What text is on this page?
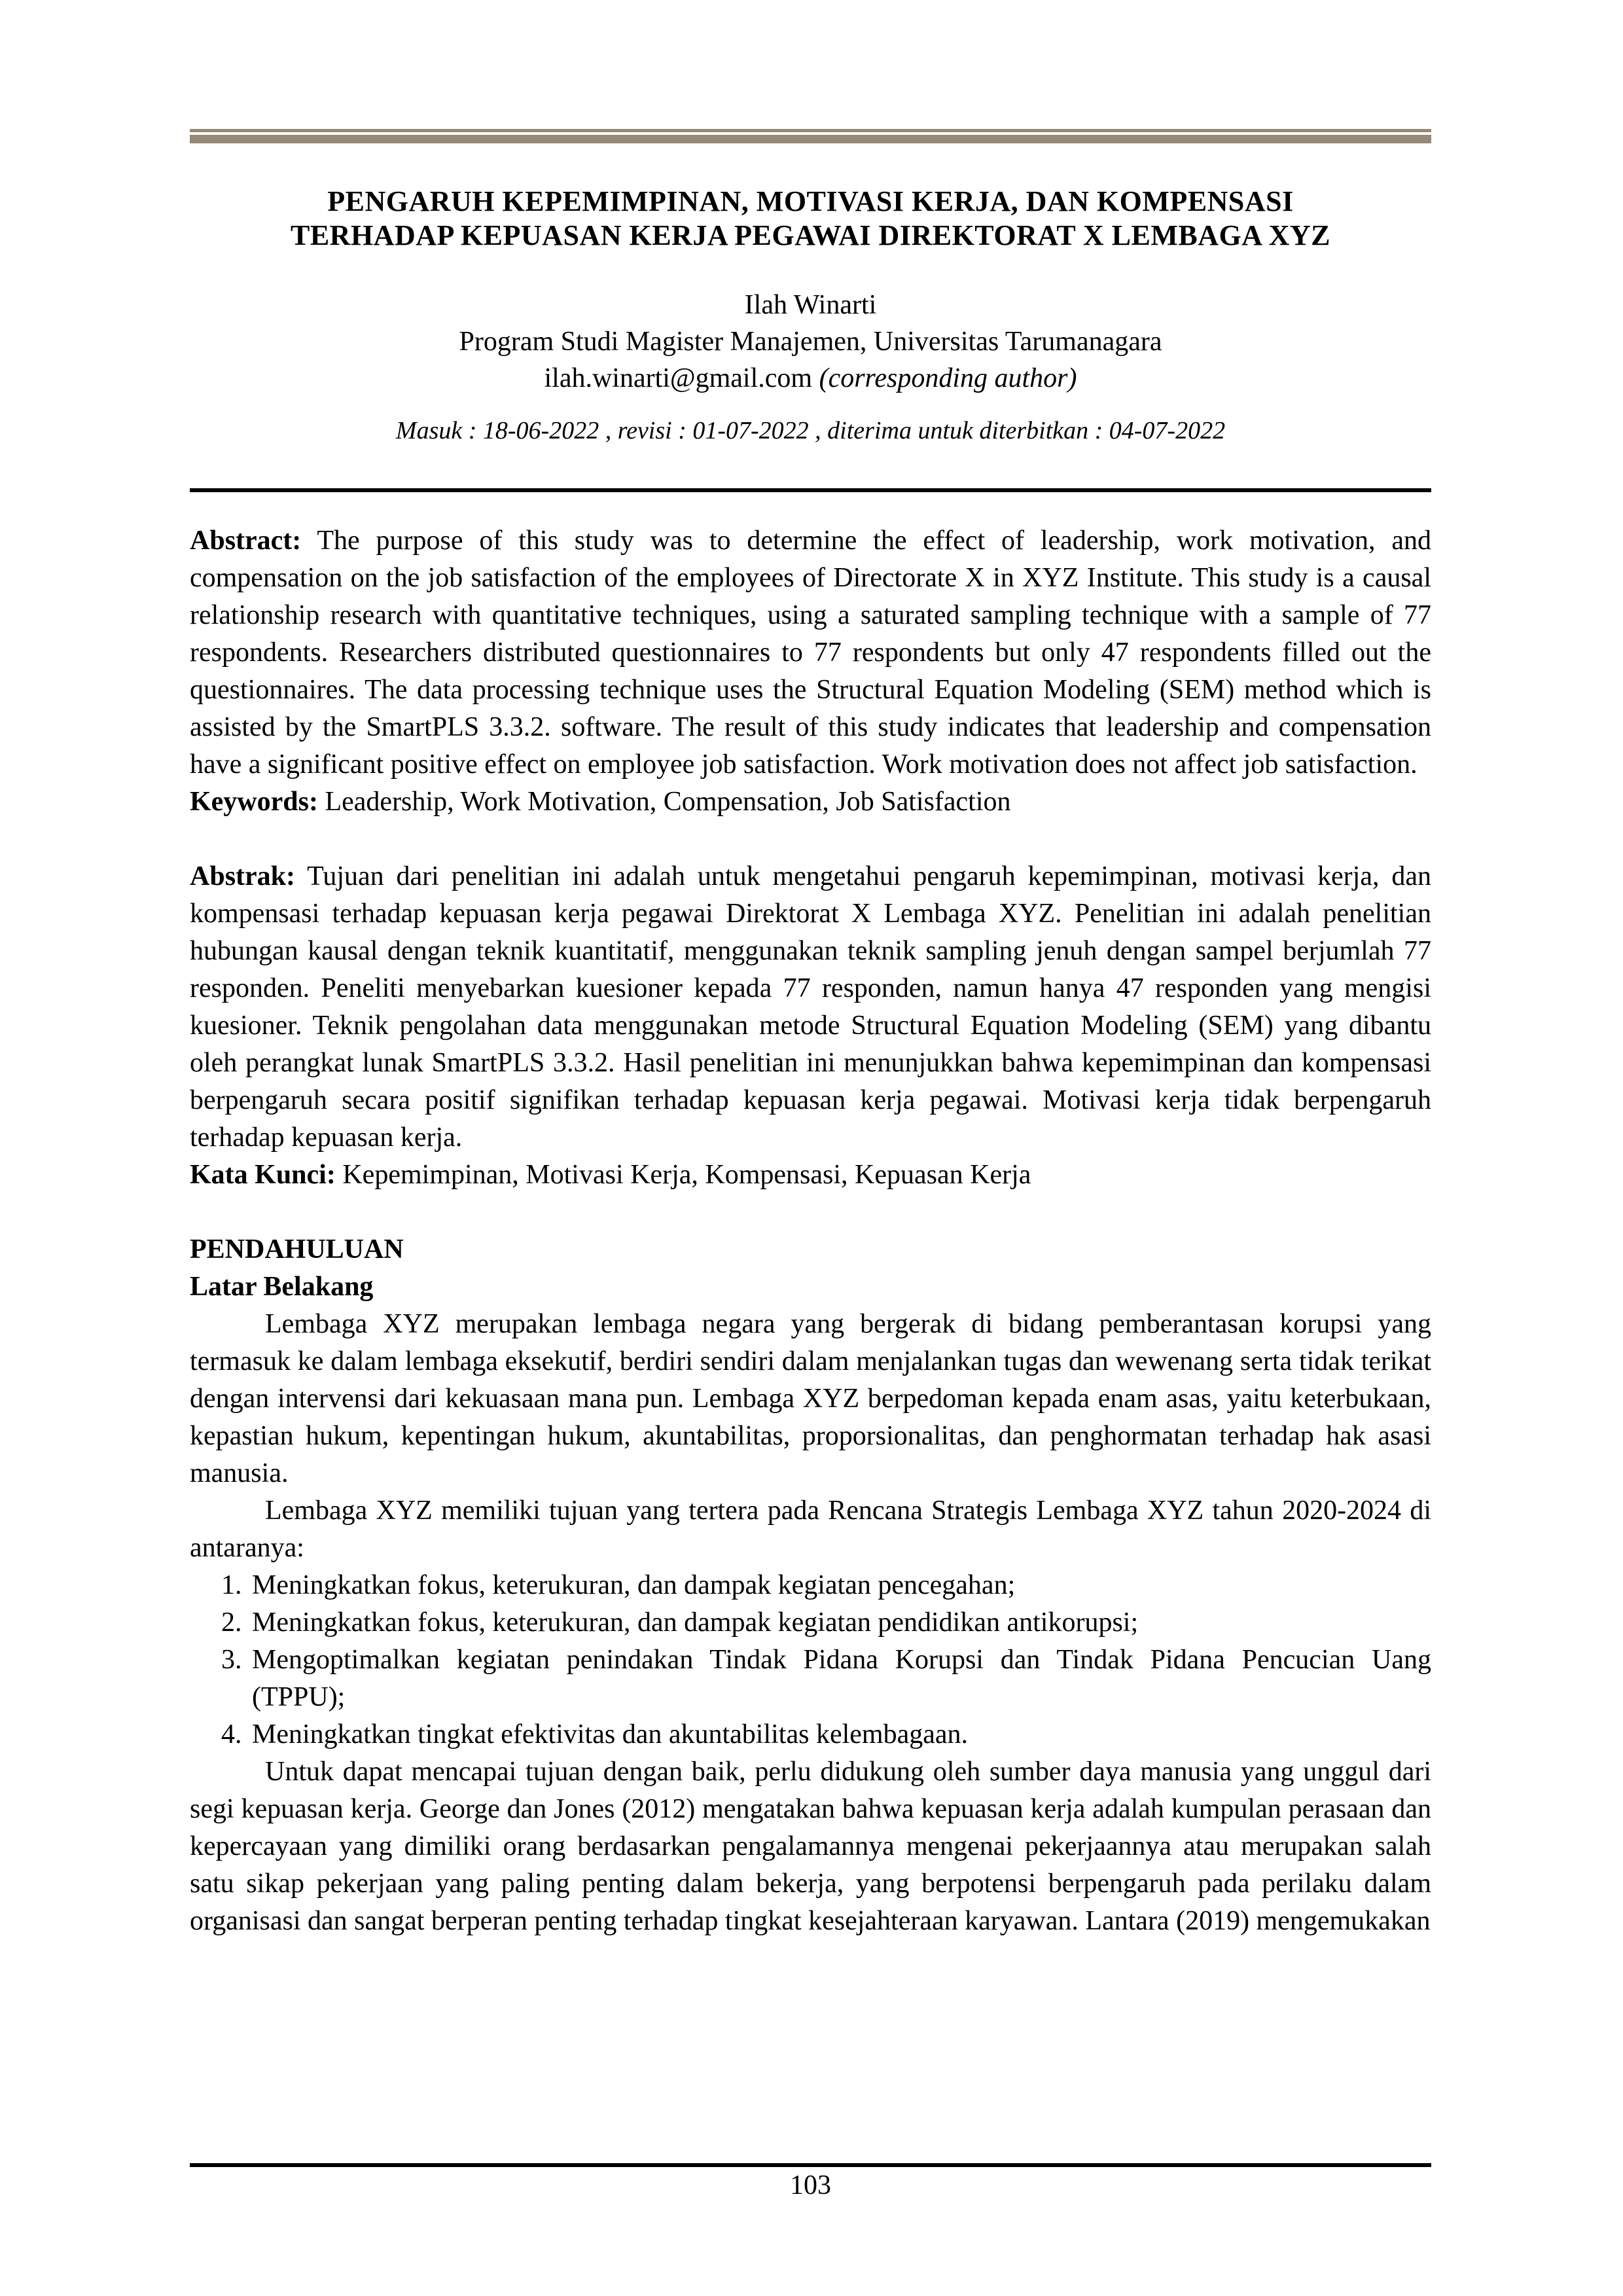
PENGARUH KEPEMIMPINAN, MOTIVASI KERJA, DAN KOMPENSASI
TERHADAP KEPUASAN KERJA PEGAWAI DIREKTORAT X LEMBAGA XYZ
Ilah Winarti
Program Studi Magister Manajemen, Universitas Tarumanagara
ilah.winarti@gmail.com (corresponding author)
Masuk : 18-06-2022 , revisi : 01-07-2022 , diterima untuk diterbitkan : 04-07-2022

Abstract: The purpose of this study was to determine the effect of leadership, work motivation, and compensation on the job satisfaction of the employees of Directorate X in XYZ Institute. This study is a causal relationship research with quantitative techniques, using a saturated sampling technique with a sample of 77 respondents. Researchers distributed questionnaires to 77 respondents but only 47 respondents filled out the questionnaires. The data processing technique uses the Structural Equation Modeling (SEM) method which is assisted by the SmartPLS 3.3.2. software. The result of this study indicates that leadership and compensation have a significant positive effect on employee job satisfaction. Work motivation does not affect job satisfaction.

Keywords: Leadership, Work Motivation, Compensation, Job Satisfaction

Abstrak: Tujuan dari penelitian ini adalah untuk mengetahui pengaruh kepemimpinan, motivasi kerja, dan kompensasi terhadap kepuasan kerja pegawai Direktorat X Lembaga XYZ. Penelitian ini adalah penelitian hubungan kausal dengan teknik kuantitatif, menggunakan teknik sampling jenuh dengan sampel berjumlah 77 responden. Peneliti menyebarkan kuesioner kepada 77 responden, namun hanya 47 responden yang mengisi kuesioner. Teknik pengolahan data menggunakan metode Structural Equation Modeling (SEM) yang dibantu oleh perangkat lunak SmartPLS 3.3.2. Hasil penelitian ini menunjukkan bahwa kepemimpinan dan kompensasi berpengaruh secara positif signifikan terhadap kepuasan kerja pegawai. Motivasi kerja tidak berpengaruh terhadap kepuasan kerja.

Kata Kunci: Kepemimpinan, Motivasi Kerja, Kompensasi, Kepuasan Kerja

PENDAHULUAN
Latar Belakang

Lembaga XYZ merupakan lembaga negara yang bergerak di bidang pemberantasan korupsi yang termasuk ke dalam lembaga eksekutif, berdiri sendiri dalam menjalankan tugas dan wewenang serta tidak terikat dengan intervensi dari kekuasaan mana pun. Lembaga XYZ berpedoman kepada enam asas, yaitu keterbukaan, kepastian hukum, kepentingan hukum, akuntabilitas, proporsionalitas, dan penghormatan terhadap hak asasi manusia.

Lembaga XYZ memiliki tujuan yang tertera pada Rencana Strategis Lembaga XYZ tahun 2020-2024 di antaranya:

1. Meningkatkan fokus, keterukuran, dan dampak kegiatan pencegahan;
2. Meningkatkan fokus, keterukuran, dan dampak kegiatan pendidikan antikorupsi;
3. Mengoptimalkan kegiatan penindakan Tindak Pidana Korupsi dan Tindak Pidana Pencucian Uang (TPPU);
4. Meningkatkan tingkat efektivitas dan akuntabilitas kelembagaan.

Untuk dapat mencapai tujuan dengan baik, perlu didukung oleh sumber daya manusia yang unggul dari segi kepuasan kerja. George dan Jones (2012) mengatakan bahwa kepuasan kerja adalah kumpulan perasaan dan kepercayaan yang dimiliki orang berdasarkan pengalamannya mengenai pekerjaannya atau merupakan salah satu sikap pekerjaan yang paling penting dalam bekerja, yang berpotensi berpengaruh pada perilaku dalam organisasi dan sangat berperan penting terhadap tingkat kesejahteraan karyawan. Lantara (2019) mengemukakan

103
